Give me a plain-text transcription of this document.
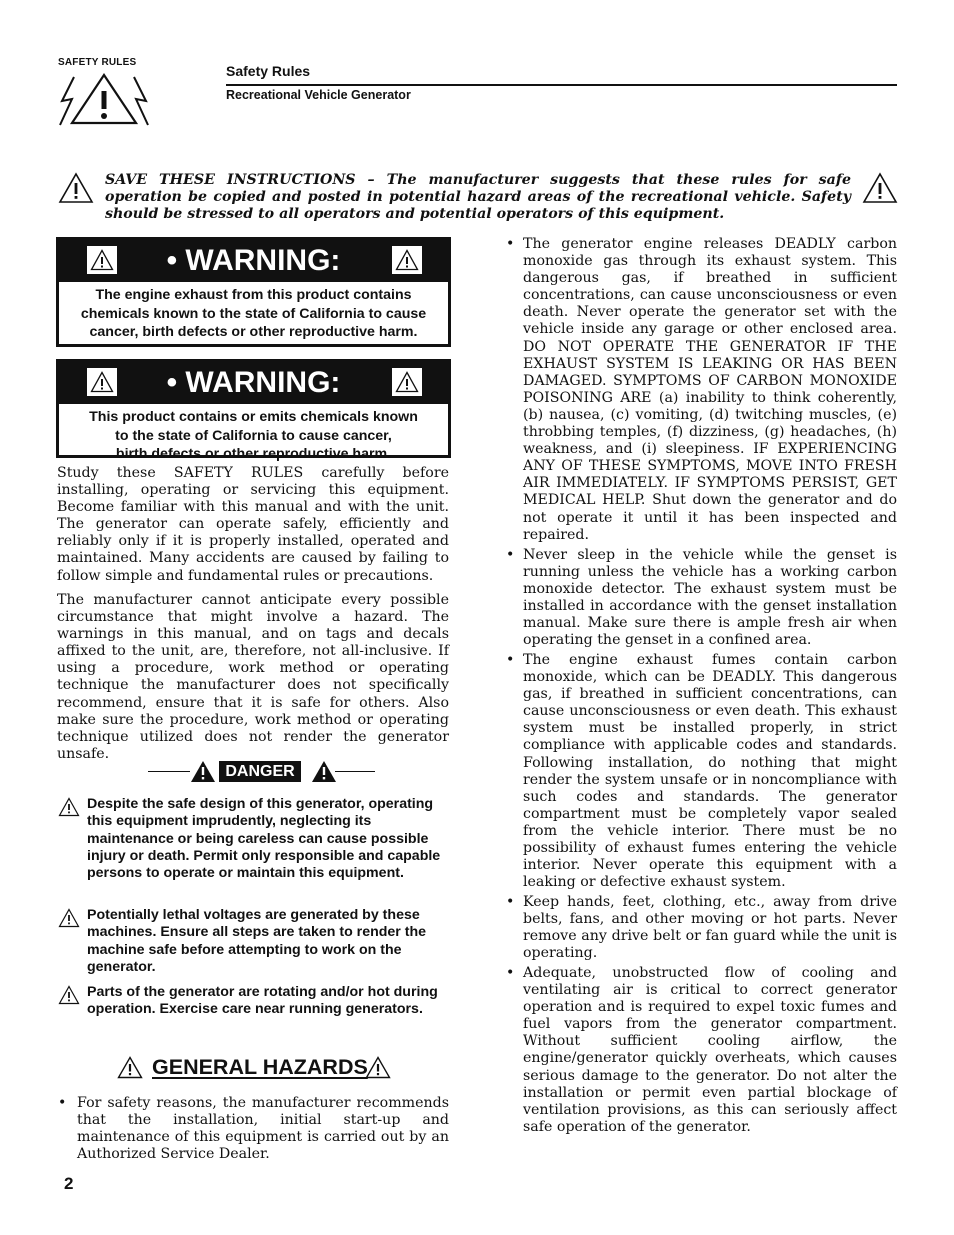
SAFETY RULES
Safety Rules
Recreational Vehicle Generator
SAVE THESE INSTRUCTIONS – The manufacturer suggests that these rules for safe operation be copied and posted in potential hazard areas of the recreational vehicle. Safety should be stressed to all operators and potential operators of this equipment.
• WARNING:
The engine exhaust from this product contains
chemicals known to the state of California to cause
cancer, birth defects or other reproductive harm.
• WARNING:
This product contains or emits chemicals known
to the state of California to cause cancer,
birth defects or other reproductive harm.
Study these SAFETY RULES carefully before installing, operating or servicing this equipment. Become familiar with this manual and with the unit. The generator can operate safely, efficiently and reliably only if it is properly installed, operated and maintained. Many accidents are caused by failing to follow simple and fundamental rules or precautions.
The manufacturer cannot anticipate every possible circumstance that might involve a hazard. The warnings in this manual, and on tags and decals affixed to the unit, are, therefore, not all-inclusive. If using a procedure, work method or operating technique the manufacturer does not specifically recommend, ensure that it is safe for others. Also make sure the procedure, work method or operating technique utilized does not render the generator unsafe.
DANGER
Despite the safe design of this generator, operating this equipment imprudently, neglecting its maintenance or being careless can cause possible injury or death. Permit only responsible and capable persons to operate or maintain this equipment.
Potentially lethal voltages are generated by these machines. Ensure all steps are taken to render the machine safe before attempting to work on the generator.
Parts of the generator are rotating and/or hot during operation. Exercise care near running generators.
GENERAL HAZARDS
• For safety reasons, the manufacturer recommends that the installation, initial start-up and maintenance of this equipment is carried out by an Authorized Service Dealer.
• The generator engine releases DEADLY carbon monoxide gas through its exhaust system. This dangerous gas, if breathed in sufficient concentrations, can cause unconsciousness or even death. Never operate the generator set with the vehicle inside any garage or other enclosed area. DO NOT OPERATE THE GENERATOR IF THE EXHAUST SYSTEM IS LEAKING OR HAS BEEN DAMAGED. SYMPTOMS OF CARBON MONOXIDE POISONING ARE (a) inability to think coherently, (b) nausea, (c) vomiting, (d) twitching muscles, (e) throbbing temples, (f) dizziness, (g) headaches, (h) weakness, and (i) sleepiness. IF EXPERIENCING ANY OF THESE SYMPTOMS, MOVE INTO FRESH AIR IMMEDIATELY. IF SYMPTOMS PERSIST, GET MEDICAL HELP. Shut down the generator and do not operate it until it has been inspected and repaired.
• Never sleep in the vehicle while the genset is running unless the vehicle has a working carbon monoxide detector. The exhaust system must be installed in accordance with the genset installation manual. Make sure there is ample fresh air when operating the genset in a confined area.
• The engine exhaust fumes contain carbon monoxide, which can be DEADLY. This dangerous gas, if breathed in sufficient concentrations, can cause unconsciousness or even death. This exhaust system must be installed properly, in strict compliance with applicable codes and standards. Following installation, do nothing that might render the system unsafe or in noncompliance with such codes and standards. The generator compartment must be completely vapor sealed from the vehicle interior. There must be no possibility of exhaust fumes entering the vehicle interior. Never operate this equipment with a leaking or defective exhaust system.
• Keep hands, feet, clothing, etc., away from drive belts, fans, and other moving or hot parts. Never remove any drive belt or fan guard while the unit is operating.
• Adequate, unobstructed flow of cooling and ventilating air is critical to correct generator operation and is required to expel toxic fumes and fuel vapors from the generator compartment. Without sufficient cooling airflow, the engine/generator quickly overheats, which causes serious damage to the generator. Do not alter the installation or permit even partial blockage of ventilation provisions, as this can seriously affect safe operation of the generator.
2
